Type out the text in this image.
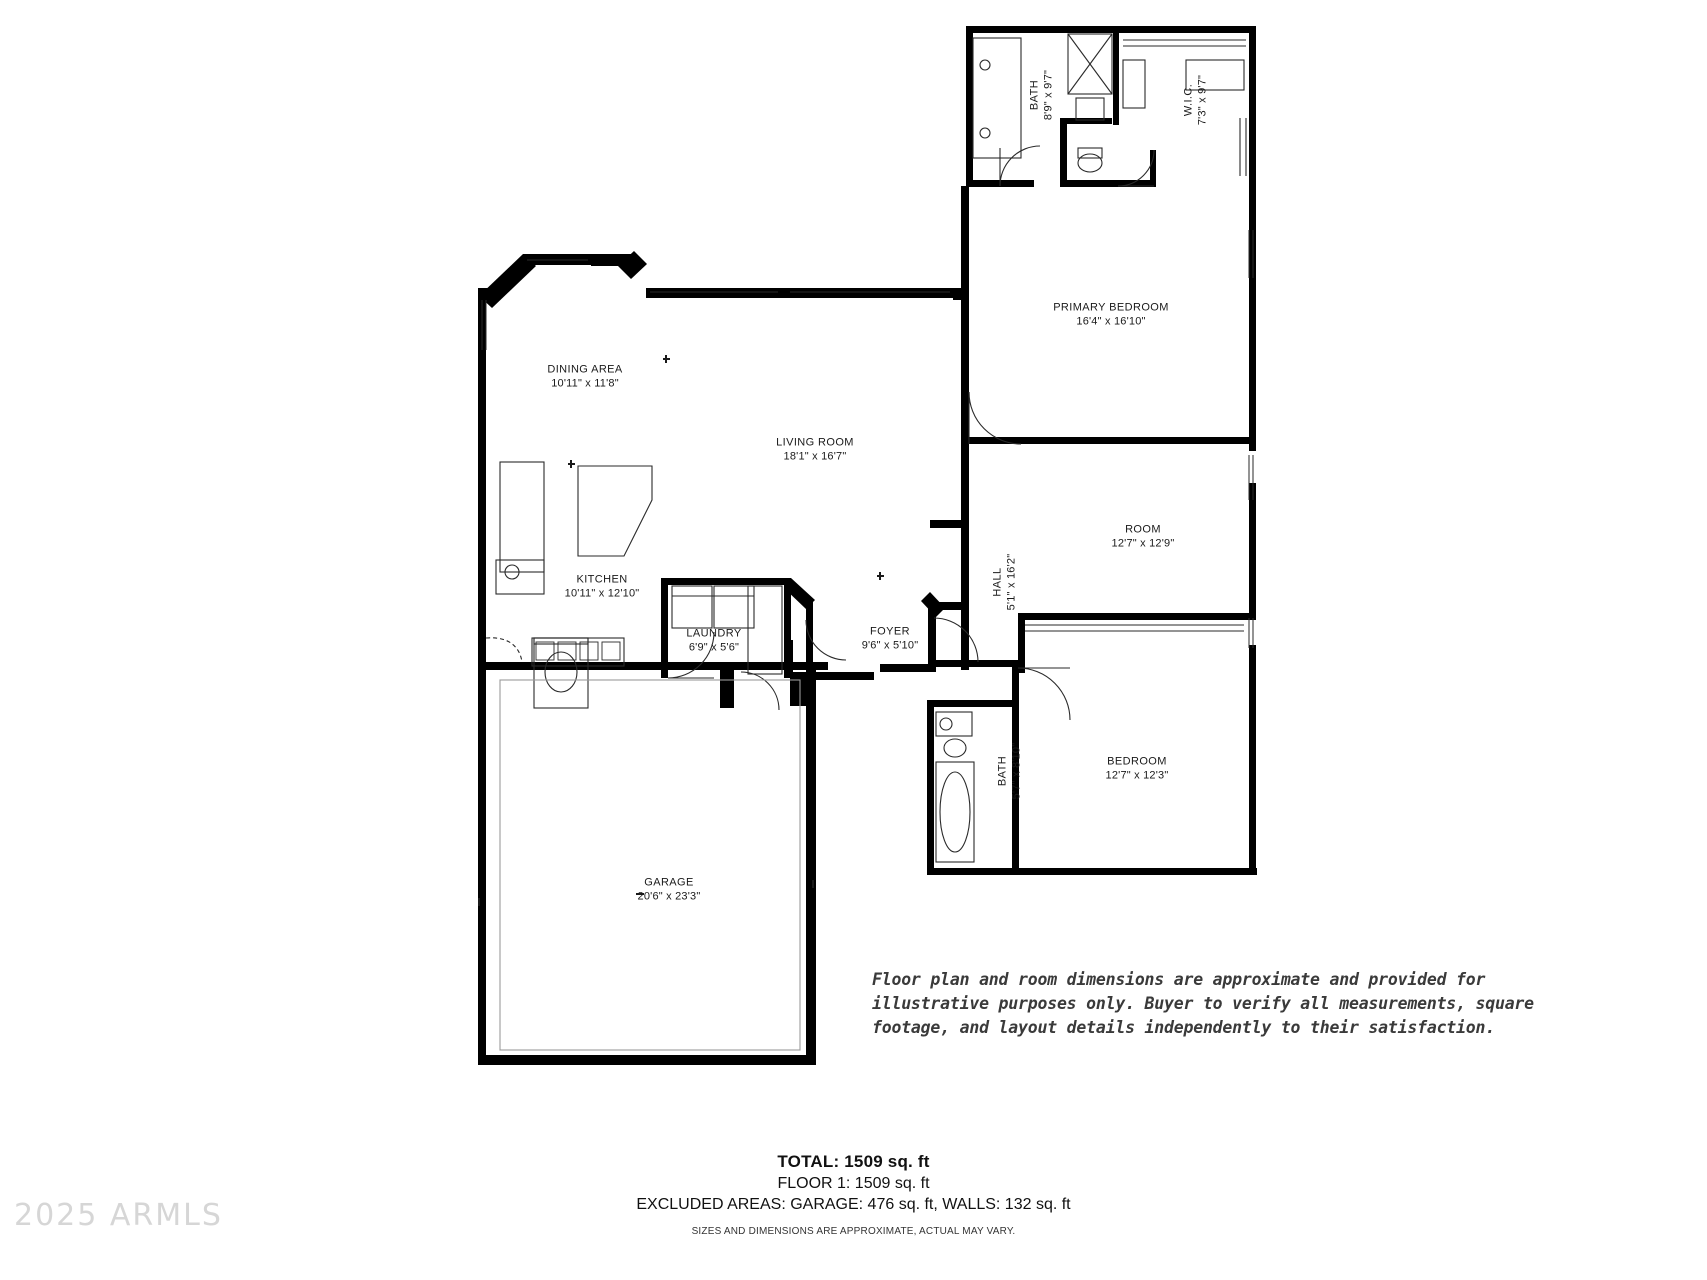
BATH 8'9" x 9'7"	W.I.C. 7'3" x 9'7"
PRIMARY BEDROOM
16'4" x 16'10"
DINING AREA
10'11" x 11'8"
LIVING ROOM
18'1" x 16'7"
ROOM
12'7" x 12'9"
KITCHEN
10'11" x 12'10"	HALL 5'1" x 16'2"
LAUNDRY
6'9" x 5'6"
FOYER
9'6" x 5'10"
BATH 5'7" x 8'10"	BEDROOM
12'7" x 12'3"
GARAGE
20'6" x 23'3"
Floor plan and room dimensions are approximate and provided for illustrative purposes only. Buyer to verify all measurements, square footage, and layout details independently to their satisfaction.
TOTAL: 1509 sq. ft
FLOOR 1: 1509 sq. ft
EXCLUDED AREAS: GARAGE: 476 sq. ft, WALLS: 132 sq. ft
SIZES AND DIMENSIONS ARE APPROXIMATE, ACTUAL MAY VARY.
2025 ARMLS
